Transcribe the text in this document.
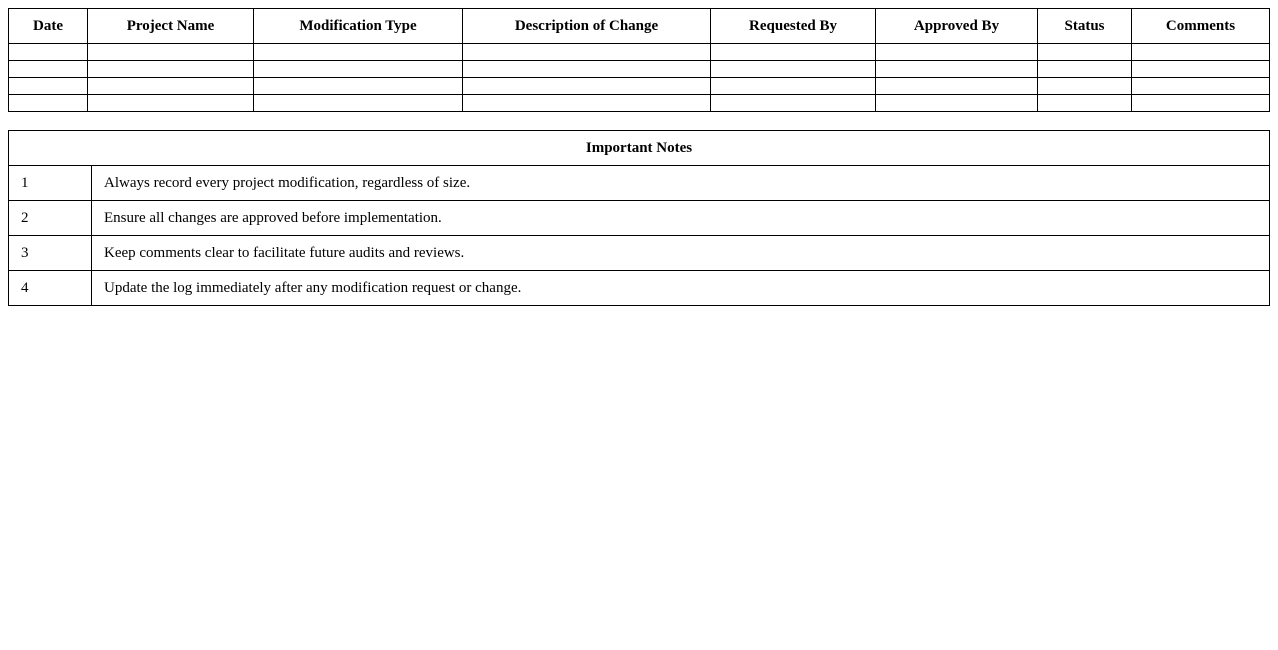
Date	Project Name	Modification Type	Description of Change	Requested By	Approved By	Status	Comments

Important Notes	
1	Always record every project modification, regardless of size.
2	Ensure all changes are approved before implementation.
3	Keep comments clear to facilitate future audits and reviews.
4	Update the log immediately after any modification request or change.
